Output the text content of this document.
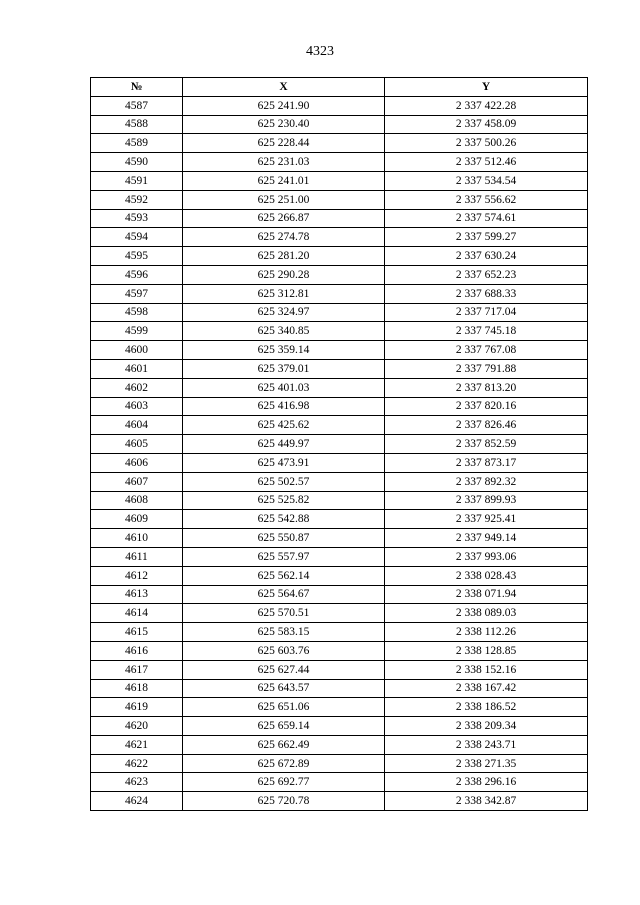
4323
№	X	Y
4587	625 241.90	2 337 422.28
4588	625 230.40	2 337 458.09
4589	625 228.44	2 337 500.26
4590	625 231.03	2 337 512.46
4591	625 241.01	2 337 534.54
4592	625 251.00	2 337 556.62
4593	625 266.87	2 337 574.61
4594	625 274.78	2 337 599.27
4595	625 281.20	2 337 630.24
4596	625 290.28	2 337 652.23
4597	625 312.81	2 337 688.33
4598	625 324.97	2 337 717.04
4599	625 340.85	2 337 745.18
4600	625 359.14	2 337 767.08
4601	625 379.01	2 337 791.88
4602	625 401.03	2 337 813.20
4603	625 416.98	2 337 820.16
4604	625 425.62	2 337 826.46
4605	625 449.97	2 337 852.59
4606	625 473.91	2 337 873.17
4607	625 502.57	2 337 892.32
4608	625 525.82	2 337 899.93
4609	625 542.88	2 337 925.41
4610	625 550.87	2 337 949.14
4611	625 557.97	2 337 993.06
4612	625 562.14	2 338 028.43
4613	625 564.67	2 338 071.94
4614	625 570.51	2 338 089.03
4615	625 583.15	2 338 112.26
4616	625 603.76	2 338 128.85
4617	625 627.44	2 338 152.16
4618	625 643.57	2 338 167.42
4619	625 651.06	2 338 186.52
4620	625 659.14	2 338 209.34
4621	625 662.49	2 338 243.71
4622	625 672.89	2 338 271.35
4623	625 692.77	2 338 296.16
4624	625 720.78	2 338 342.87
